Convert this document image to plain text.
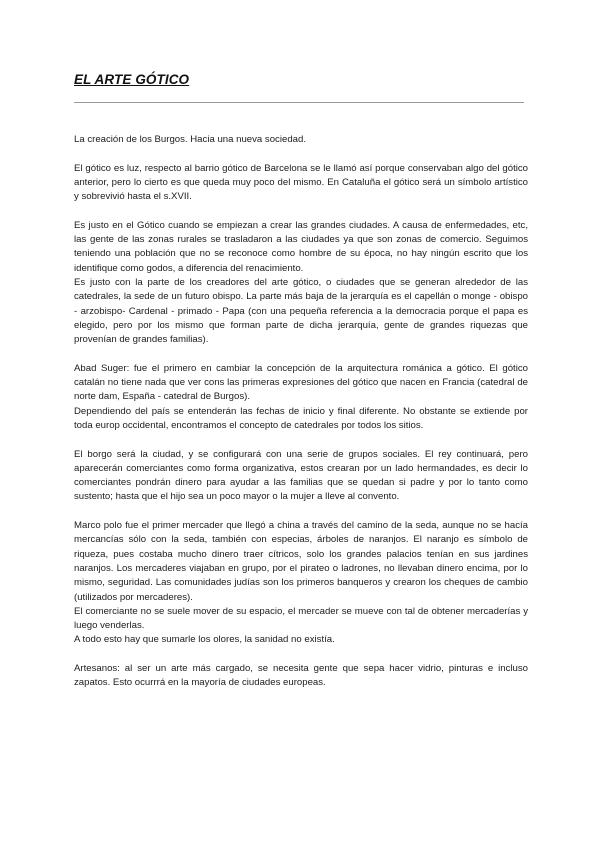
EL ARTE GÓTICO

La creación de los Burgos. Hacia una nueva sociedad.

El gótico es luz, respecto al barrio gótico de Barcelona se le llamó así porque conservaban algo del gótico anterior, pero lo cierto es que queda muy poco del mismo. En Cataluña el gótico será un símbolo artístico y sobrevivió hasta el s.XVII.

Es justo en el Gótico cuando se empiezan a crear las grandes ciudades. A causa de enfermedades, etc, las gente de las zonas rurales se trasladaron a las ciudades ya que son zonas de comercio. Seguimos teniendo una población que no se reconoce como hombre de su época, no hay ningún escrito que los identifique como godos, a diferencia del renacimiento.

Es justo con la parte de los creadores del arte gótico, o ciudades que se generan alrededor de las catedrales, la sede de un futuro obispo. La parte más baja de la jerarquía es el capellán o monge - obispo - arzobispo- Cardenal - primado - Papa (con una pequeña referencia a la democracia porque el papa es elegido, pero por los mismo que forman parte de dicha jerarquía, gente de grandes riquezas que provenían de grandes familias).

Abad Suger: fue el primero en cambiar la concepción de la arquitectura románica a gótico. El gótico catalán no tiene nada que ver cons las primeras expresiones del gótico que nacen en Francia (catedral de norte dam, España - catedral de Burgos).

Dependiendo del país se entenderán las fechas de inicio y final diferente. No obstante se extiende por toda europ occidental, encontramos el concepto de catedrales por todos los sitios.

El borgo será la ciudad, y se configurará con una serie de grupos sociales. El rey continuará, pero aparecerán comerciantes como forma organizativa, estos crearan por un lado hermandades, es decir lo comerciantes pondrán dinero para ayudar a las familias que se quedan si padre y por lo tanto como sustento; hasta que el hijo sea un poco mayor o la mujer a lleve al convento.

Marco polo fue el primer mercader que llegó a china a través del camino de la seda, aunque no se hacía mercancías sólo con la seda, también con especias, árboles de naranjos. El naranjo es símbolo de riqueza, pues costaba mucho dinero traer cítricos, solo los grandes palacios tenían en sus jardines naranjos. Los mercaderes viajaban en grupo, por el pirateo o ladrones, no llevaban dinero encima, por lo mismo, seguridad. Las comunidades judías son los primeros banqueros y crearon los cheques de cambio (utilizados por mercaderes).

El comerciante no se suele mover de su espacio, el mercader se mueve con tal de obtener mercaderías y luego venderlas.

A todo esto hay que sumarle los olores, la sanidad no existía.

Artesanos: al ser un arte más cargado, se necesita gente que sepa hacer vidrio, pinturas e incluso zapatos. Esto ocurrrá en la mayoría de ciudades europeas.
